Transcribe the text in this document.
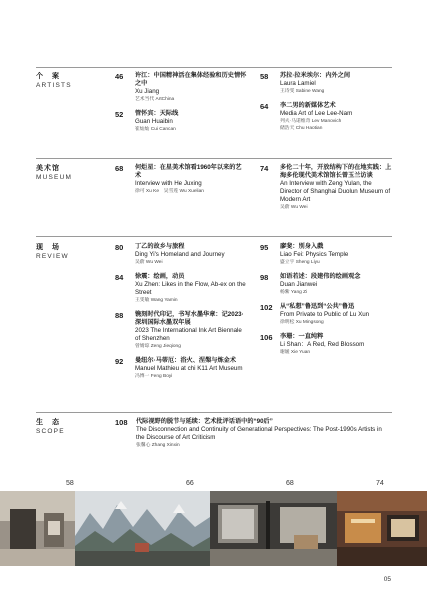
个　案
ARTISTS
46	许江：中国精神活在集体经验和历史情怀之中
Xu Jiang
艺术当代 ArtChina
52	管怀宾：天际线
Guan Huaibin
崔灿灿 Cui Cancan
58	苏拉·拉米埃尔：内外之间
Laura Lamiel
王诗雯 Sabine Wang
64	李二男的新媒体艺术
Media Art of Lee Lee-Nam
列夫·马诺维奇 Lev Manovich
储浩天 Chu Haotian
美术馆
MUSEUM
68	何炬星：在星美术馆看1960年以来的艺术
Interview with He Juxing
徐可 Xu Ke　吴雪莲 Wu Xuelian
74	多伦二十年，开放结构下的在地实践：上海多伦现代美术馆馆长曾玉兰访谈
An Interview with Zeng Yulan, the Director of Shanghai Duolun Museum of Modern Art
吴蔚 Wu Wei
现　场
REVIEW
80	丁乙的故乡与旅程
Ding Yi's Homeland and Journey
吴蔚 Wu Wei
84	徐震：绘画，动员
Xu Zhen: Likes in the Flow, Ab-ex on the Street
王雯敏 Wang Yamin
88	镌刻时代印记，书写水墨华章：记2023·深圳国际水墨双年展
2023 The International Ink Art Biennale of Shenzhen
曾婧琼 Zeng Jieqiong
92	曼纽尔·马蒂厄：浴火、涅槃与炼金术
Manuel Mathieu at chi K11 Art Museum
冯博一 Feng Boyi
95	廖斐：別身入戲
Liao Fei: Physics Temple
盛立宇 Sheng Liyu
98	如语若述：段建伟的绘画观念
Duan Jianwei
杨紫 Yang Zi
102	从“私想”鲁迅到“公共”鲁迅
From Private to Public of Lu Xun
徐明松 Xu Mingsong
106	李珊：一直纯粹
Li Shan：A Red, Red Blossom
谢媛 Xie Yuan
生　态
SCOPE
108	代际视野的脱节与延续：艺术批评话语中的“90后”
The Disconnection and Continuity of Generational Perspectives: The Post-1990s Artists in the Discourse of Art Criticism
张馨心 Zhang Xinxin
58	66	68	74
05
